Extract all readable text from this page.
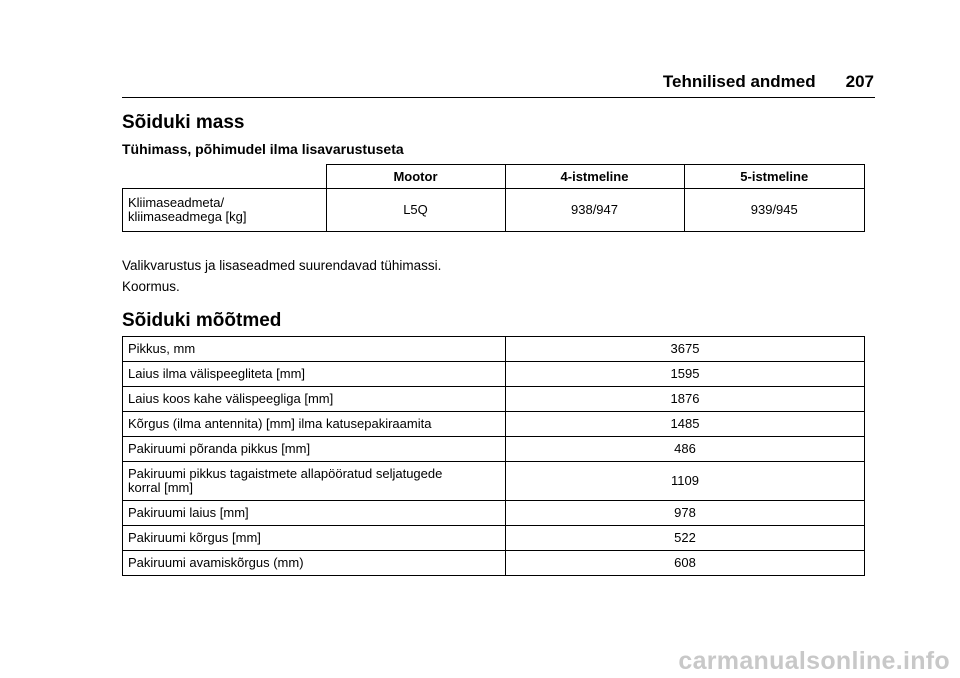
Tehnilised andmed 207
Sõiduki mass
Tühimass, põhimudel ilma lisavarustuseta
	Mootor	4-istmeline	5-istmeline
Kliimaseadmeta/
kliimaseadmega [kg]	L5Q	938/947	939/945
Valikvarustus ja lisaseadmed suurendavad tühimassi.
Koormus.
Sõiduki mõõtmed
Pikkus, mm	3675
Laius ilma välispeegliteta [mm]	1595
Laius koos kahe välispeegliga [mm]	1876
Kõrgus (ilma antennita) [mm] ilma katusepakiraamita	1485
Pakiruumi põranda pikkus [mm]	486
Pakiruumi pikkus tagaistmete allapööratud seljatugede
korral [mm]	1109
Pakiruumi laius [mm]	978
Pakiruumi kõrgus [mm]	522
Pakiruumi avamiskõrgus (mm)	608
carmanualsonline.info
